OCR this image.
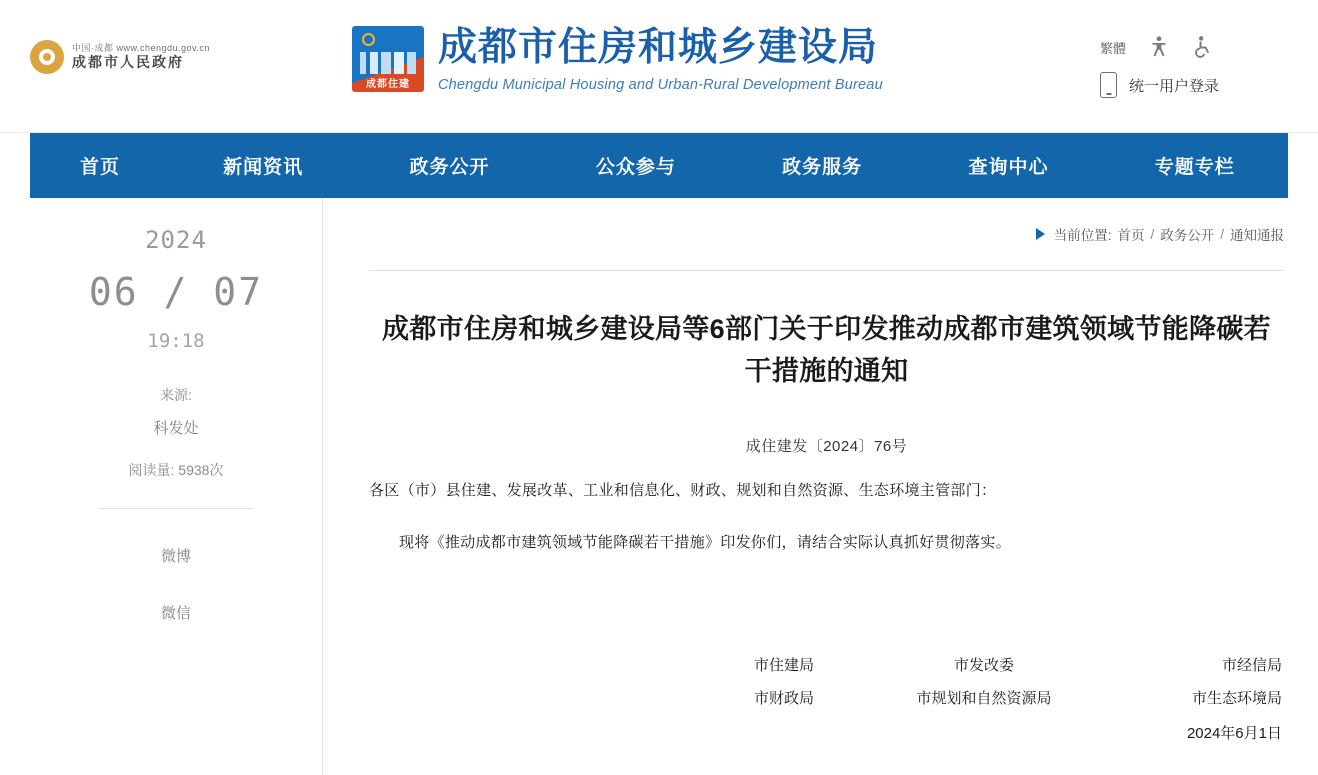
中国·成都 www.chengdu.gov.cn
成都市人民政府
成都住建
成都市住房和城乡建设局
Chengdu Municipal Housing and Urban-Rural Development Bureau
繁體
统一用户登录
首页	新闻资讯	政务公开	公众参与	政务服务	查询中心	专题专栏
2024
06 / 07
19:18
来源:
科发处
阅读量: 5938次
微博
微信
当前位置: 首页 / 政务公开 / 通知通报
成都市住房和城乡建设局等6部门关于印发推动成都市建筑领域节能降碳若干措施的通知
成住建发〔2024〕76号

各区（市）县住建、发展改革、工业和信息化、财政、规划和自然资源、生态环境主管部门：

现将《推动成都市建筑领域节能降碳若干措施》印发你们，请结合实际认真抓好贯彻落实。

市住建局	市发改委	市经信局
市财政局	市规划和自然资源局	市生态环境局
2024年6月1日
